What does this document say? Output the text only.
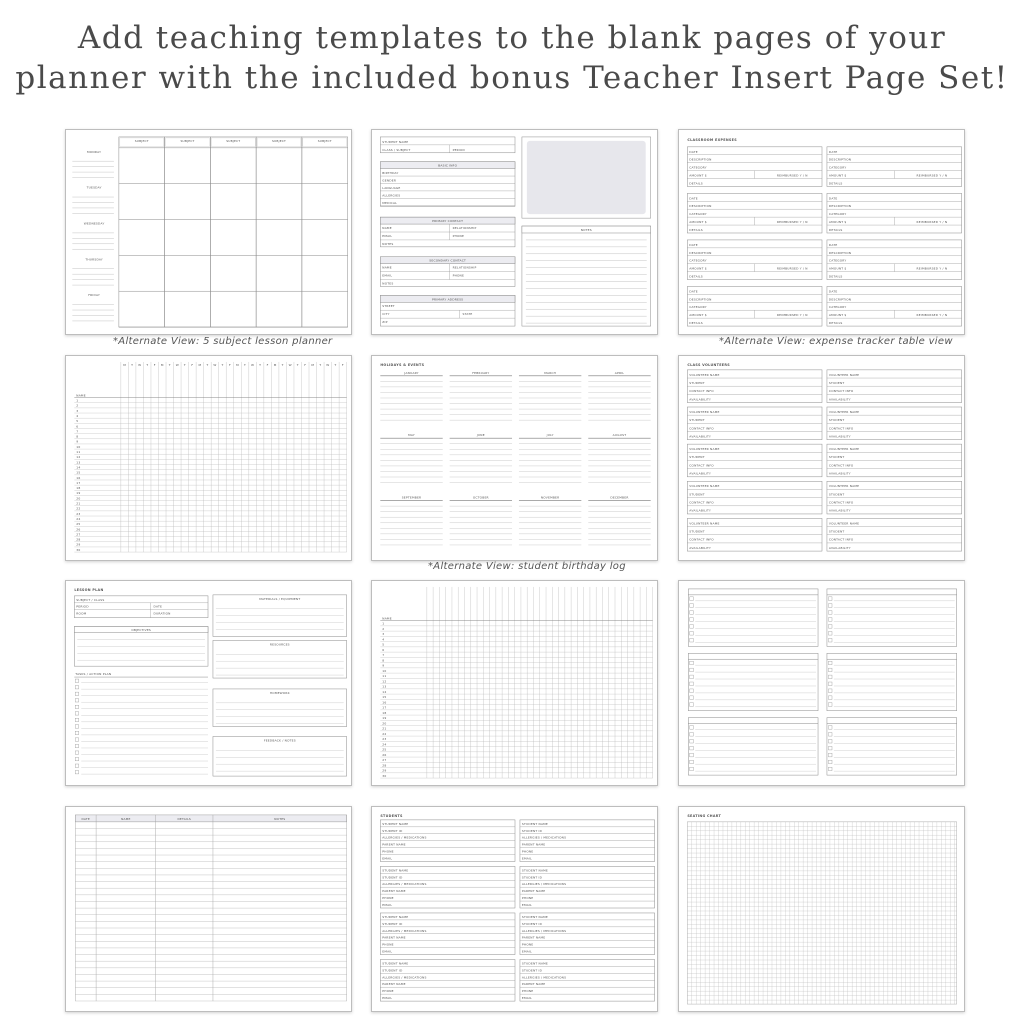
Add teaching templates to the blank pages of your
planner with the included bonus Teacher Insert Page Set!
SUBJECT	SUBJECT	SUBJECT	SUBJECT	SUBJECT
MONDAY
TUESDAY
WEDNESDAY
THURSDAY
FRIDAY
STUDENT NAME
CLASS / SUBJECT	PERIOD
BASIC INFO
BIRTHDAY
GENDER
LANGUAGE
ALLERGIES
MEDICAL
PRIMARY CONTACT
NAME	RELATIONSHIP
EMAIL	PHONE
NOTES
SECONDARY CONTACT
NAME	RELATIONSHIP
EMAIL	PHONE
NOTES
PRIMARY ADDRESS
STREET
CITY	STATE
ZIP
NOTES
CLASSROOM EXPENSES
DATE
DESCRIPTION
CATEGORY
AMOUNT $	REIMBURSED Y / N
DETAILS
DATE
DESCRIPTION
CATEGORY
AMOUNT $	REIMBURSED Y / N
DETAILS
DATE
DESCRIPTION
CATEGORY
AMOUNT $	REIMBURSED Y / N
DETAILS
DATE
DESCRIPTION
CATEGORY
AMOUNT $	REIMBURSED Y / N
DETAILS
DATE
DESCRIPTION
CATEGORY
AMOUNT $	REIMBURSED Y / N
DETAILS
DATE
DESCRIPTION
CATEGORY
AMOUNT $	REIMBURSED Y / N
DETAILS
DATE
DESCRIPTION
CATEGORY
AMOUNT $	REIMBURSED Y / N
DETAILS
DATE
DESCRIPTION
CATEGORY
AMOUNT $	REIMBURSED Y / N
DETAILS
*Alternate View: 5 subject lesson planner	*Alternate View: expense tracker table view
M	T W	T F M	T W	T F M	T W	T F M	T W	T F M	T W	T F M	T W	T F
NAME
1
2
3
4
5
6
7
8
9
10
11
12
13
14
15
16
17
18
19
20
21
22
23
24
25
26
27
28
29
30
HOLIDAYS & EVENTS
JANUARY	FEBRUARY	MARCH	APRIL
MAY	JUNE	JULY	AUGUST
SEPTEMBER	OCTOBER	NOVEMBER	DECEMBER
CLASS VOLUNTEERS
VOLUNTEER NAME
STUDENT
CONTACT INFO
AVAILABILITY
VOLUNTEER NAME
STUDENT
CONTACT INFO
AVAILABILITY
VOLUNTEER NAME
STUDENT
CONTACT INFO
AVAILABILITY
VOLUNTEER NAME
STUDENT
CONTACT INFO
AVAILABILITY
VOLUNTEER NAME
STUDENT
CONTACT INFO
AVAILABILITY
VOLUNTEER NAME
STUDENT
CONTACT INFO
AVAILABILITY
VOLUNTEER NAME
STUDENT
CONTACT INFO
AVAILABILITY
VOLUNTEER NAME
STUDENT
CONTACT INFO
AVAILABILITY
VOLUNTEER NAME
STUDENT
CONTACT INFO
AVAILABILITY
VOLUNTEER NAME
STUDENT
CONTACT INFO
AVAILABILITY
*Alternate View: student birthday log
LESSON PLAN
SUBJECT / CLASS
PERIOD	DATE
ROOM	DURATION
OBJECTIVES
TASKS / ACTION PLAN
MATERIALS / EQUIPMENT
RESOURCES
HOMEWORK
FEEDBACK / NOTES
NAME
1
2
3
4
5
6
7
8
9
10
11
12
13
14
15
16
17
18
19
20
21
22
23
24
25
26
27
28
29
30
DATE	NAME	DETAILS	NOTES
STUDENTS
STUDENT NAME
STUDENT ID
ALLERGIES / MEDICATIONS
PARENT NAME
PHONE
EMAIL
STUDENT NAME
STUDENT ID
ALLERGIES / MEDICATIONS
PARENT NAME
PHONE
EMAIL
STUDENT NAME
STUDENT ID
ALLERGIES / MEDICATIONS
PARENT NAME
PHONE
EMAIL
STUDENT NAME
STUDENT ID
ALLERGIES / MEDICATIONS
PARENT NAME
PHONE
EMAIL
STUDENT NAME
STUDENT ID
ALLERGIES / MEDICATIONS
PARENT NAME
PHONE
EMAIL
STUDENT NAME
STUDENT ID
ALLERGIES / MEDICATIONS
PARENT NAME
PHONE
EMAIL
STUDENT NAME
STUDENT ID
ALLERGIES / MEDICATIONS
PARENT NAME
PHONE
EMAIL
STUDENT NAME
STUDENT ID
ALLERGIES / MEDICATIONS
PARENT NAME
PHONE
EMAIL
SEATING CHART
